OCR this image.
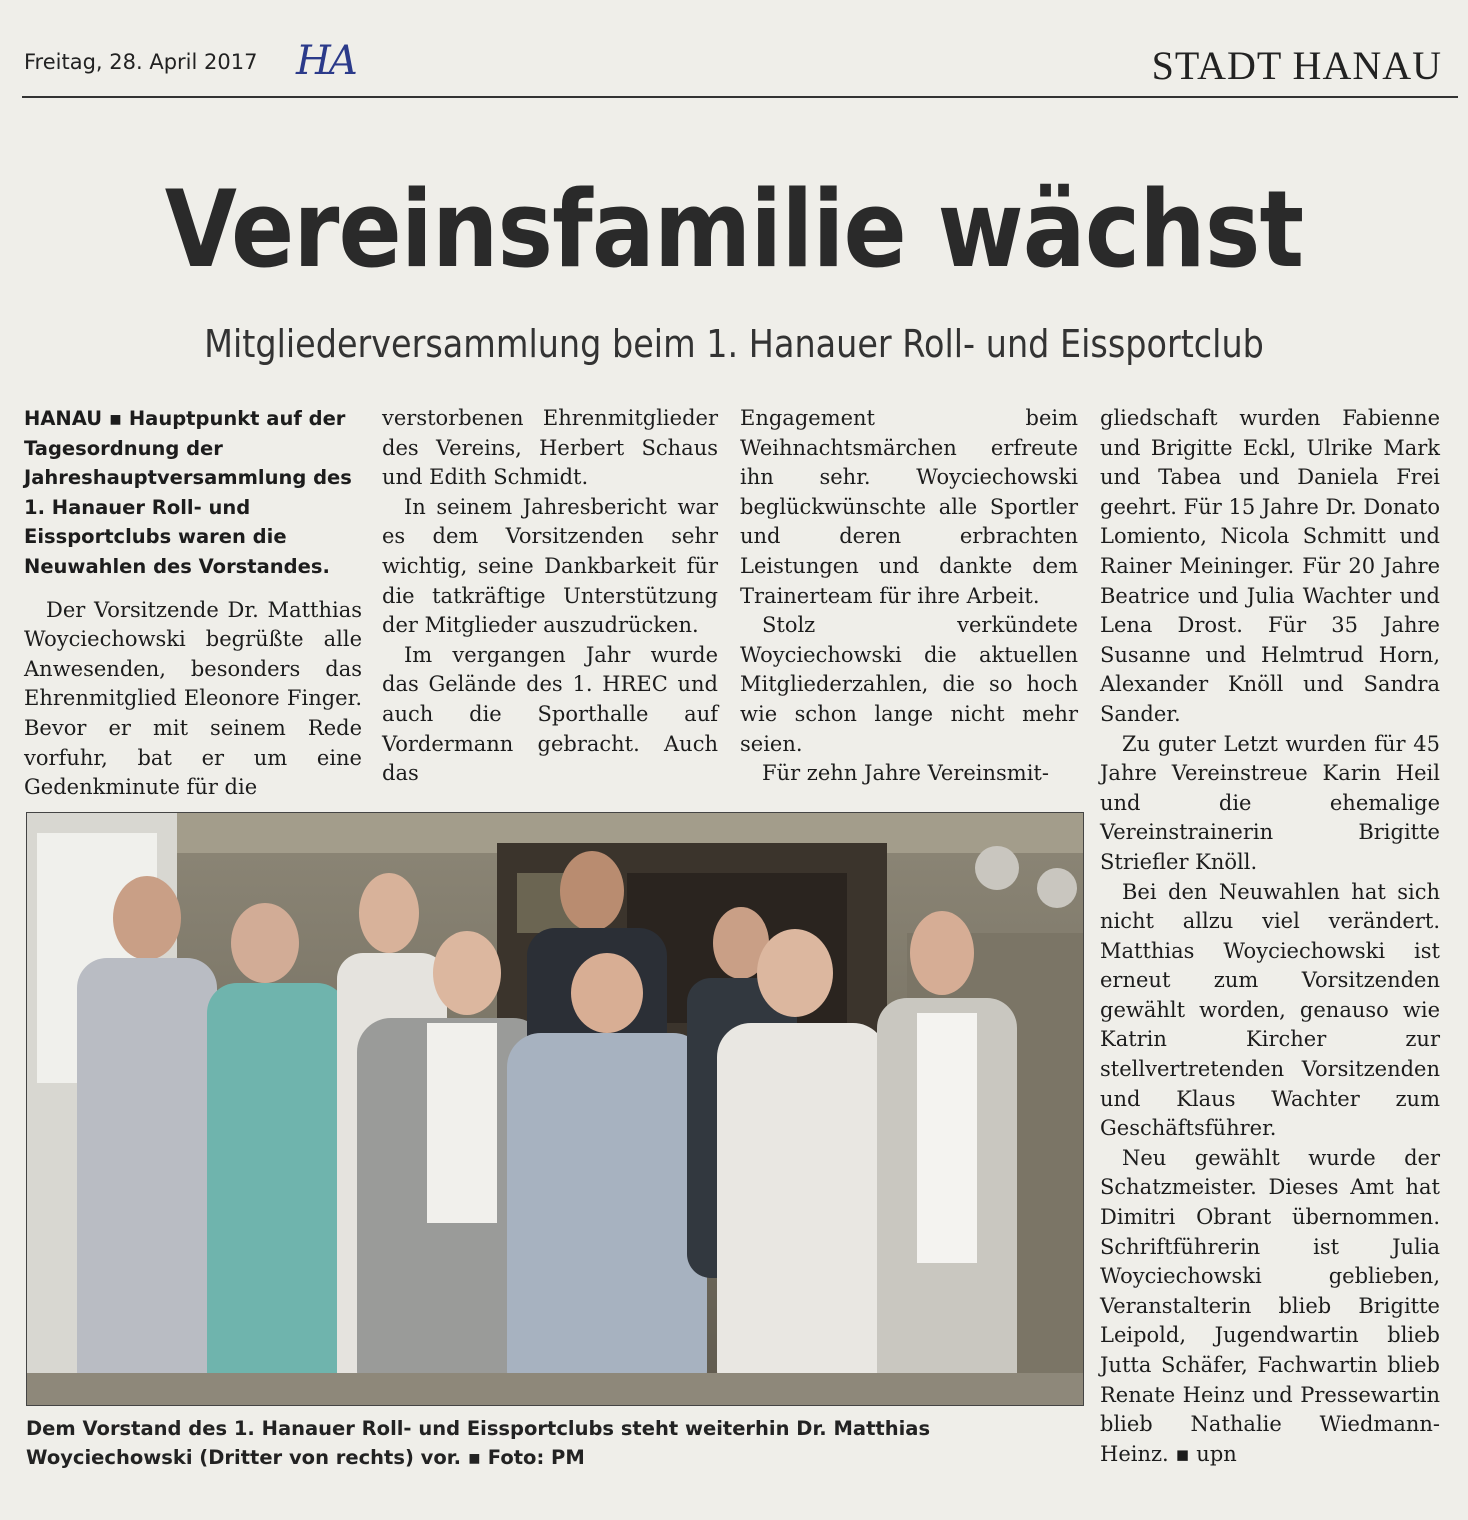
Freitag, 28. April 2017 HA	STADT HANAU
Vereinsfamilie wächst
Mitgliederversammlung beim 1. Hanauer Roll- und Eissportclub
HANAU ▪ Hauptpunkt auf der Tagesordnung der Jahreshauptversammlung des 1. Hanauer Roll- und Eissportclubs waren die Neuwahlen des Vorstandes.

Der Vorsitzende Dr. Matthias Woyciechowski begrüßte alle Anwesenden, besonders das Ehrenmitglied Eleonore Finger. Bevor er mit seinem Rede vorfuhr, bat er um eine Gedenkminute für die

verstorbenen Ehrenmitglieder des Vereins, Herbert Schaus und Edith Schmidt.

In seinem Jahresbericht war es dem Vorsitzenden sehr wichtig, seine Dankbarkeit für die tatkräftige Unterstützung der Mitglieder auszudrücken.

Im vergangen Jahr wurde das Gelände des 1. HREC und auch die Sporthalle auf Vordermann gebracht. Auch das

Engagement beim Weihnachtsmärchen erfreute ihn sehr. Woyciechowski beglückwünschte alle Sportler und deren erbrachten Leistungen und dankte dem Trainerteam für ihre Arbeit.

Stolz verkündete Woyciechowski die aktuellen Mitgliederzahlen, die so hoch wie schon lange nicht mehr seien.

Für zehn Jahre Vereinsmit-

gliedschaft wurden Fabienne und Brigitte Eckl, Ulrike Mark und Tabea und Daniela Frei geehrt. Für 15 Jahre Dr. Donato Lomiento, Nicola Schmitt und Rainer Meininger. Für 20 Jahre Beatrice und Julia Wachter und Lena Drost. Für 35 Jahre Susanne und Helmtrud Horn, Alexander Knöll und Sandra Sander.

Zu guter Letzt wurden für 45 Jahre Vereinstreue Karin Heil und die ehemalige Vereinstrainerin Brigitte Striefler Knöll.

Bei den Neuwahlen hat sich nicht allzu viel verändert. Matthias Woyciechowski ist erneut zum Vorsitzenden gewählt worden, genauso wie Katrin Kircher zur stellvertretenden Vorsitzenden und Klaus Wachter zum Geschäftsführer.

Neu gewählt wurde der Schatzmeister. Dieses Amt hat Dimitri Obrant übernommen. Schriftführerin ist Julia Woyciechowski geblieben, Veranstalterin blieb Brigitte Leipold, Jugendwartin blieb Jutta Schäfer, Fachwartin blieb Renate Heinz und Pressewartin blieb Nathalie Wiedmann-Heinz. ▪ upn

Dem Vorstand des 1. Hanauer Roll- und Eissportclubs steht weiterhin Dr. Matthias Woyciechowski (Dritter von rechts) vor. ▪ Foto: PM
